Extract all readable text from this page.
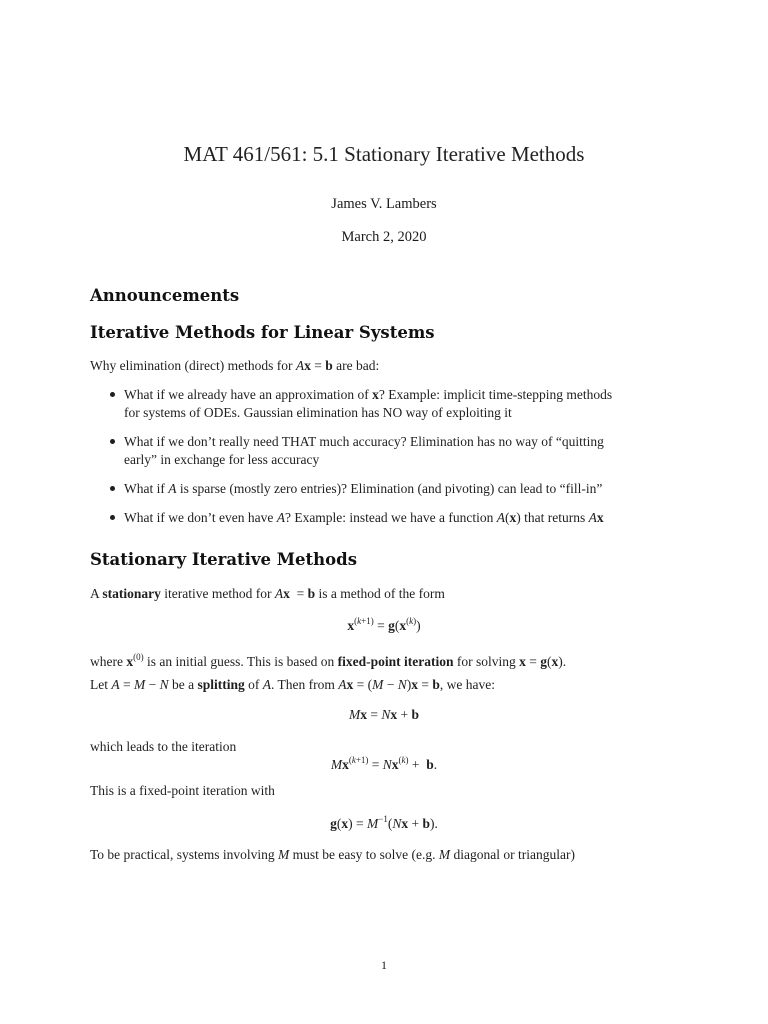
MAT 461/561: 5.1 Stationary Iterative Methods
James V. Lambers
March 2, 2020
Announcements
Iterative Methods for Linear Systems

Why elimination (direct) methods for Ax = b are bad:

What if we already have an approximation of x? Example: implicit time-stepping methods
for systems of ODEs. Gaussian elimination has NO way of exploiting it
What if we don’t really need THAT much accuracy? Elimination has no way of “quitting
early” in exchange for less accuracy
What if A is sparse (mostly zero entries)? Elimination (and pivoting) can lead to “fill-in”
What if we don’t even have A? Example: instead we have a function A(x) that returns Ax
Stationary Iterative Methods

A stationary iterative method for Ax  = b is a method of the form

$x^{(k+1)} = g(x^{(k)})$

where $x^{(0)}$ is an initial guess. This is based on fixed-point iteration for solving x = g(x).

Let A = M − N be a splitting of A. Then from Ax = (M − N)x = b, we have:

Mx = Nx + b

which leads to the iteration

$Mx^{(k+1)} = Nx^{(k)} + b$.

This is a fixed-point iteration with

$g(x) = M^{-1}(Nx + b)$.

To be practical, systems involving M must be easy to solve (e.g. M diagonal or triangular)

1
